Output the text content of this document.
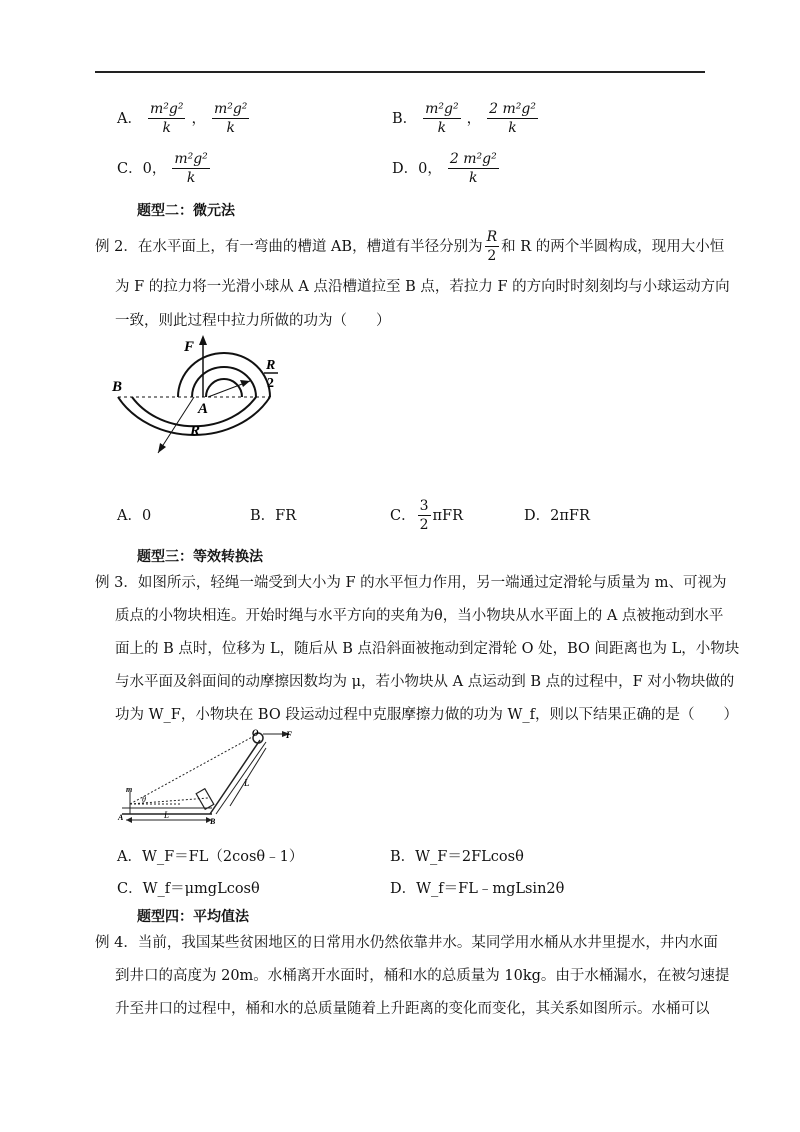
A． $\frac{\text{m²g²}}{k}$ ， $\frac{\text{m²g²}}{k}$	B． $\frac{\text{m²g²}}{k}$ ， $\frac{\text{2 m²g²}}{k}$
C．0， $\frac{\text{m²g²}}{k}$	D．0， $\frac{\text{2 m²g²}}{k}$
题型二：微元法
例 2．在水平面上，有一弯曲的槽道 AB，槽道有半径分别为 $\frac{R}{2}$ 和 R 的两个半圆构成，现用大小恒
为 F 的拉力将一光滑小球从 A 点沿槽道拉至 B 点，若拉力 F 的方向时时刻刻均与小球运动方向
一致，则此过程中拉力所做的功为（　　）
F
B
A
R
R
2
A．0	B．FR	C． $\frac{3}{2}$ πFR	D．2πFR
题型三：等效转换法
例 3．如图所示，轻绳一端受到大小为 F 的水平恒力作用，另一端通过定滑轮与质量为 m、可视为
质点的小物块相连。开始时绳与水平方向的夹角为θ，当小物块从水平面上的 A 点被拖动到水平
面上的 B 点时，位移为 L，随后从 B 点沿斜面被拖动到定滑轮 O 处，BO 间距离也为 L，小物块
与水平面及斜面间的动摩擦因数均为 μ，若小物块从 A 点运动到 B 点的过程中，F 对小物块做的
功为 W_F，小物块在 BO 段运动过程中克服摩擦力做的功为 W_f，则以下结果正确的是（　　）
O	F
L
m
θ
A	L
B
A．W_F＝FL（2cosθ﹣1）	B．W_F＝2FLcosθ
C．W_f＝μmgLcosθ	D．W_f＝FL﹣mgLsin2θ
题型四：平均值法
例 4．当前，我国某些贫困地区的日常用水仍然依靠井水。某同学用水桶从水井里提水，井内水面
到井口的高度为 20m。水桶离开水面时，桶和水的总质量为 10kg。由于水桶漏水，在被匀速提
升至井口的过程中，桶和水的总质量随着上升距离的变化而变化，其关系如图所示。水桶可以
